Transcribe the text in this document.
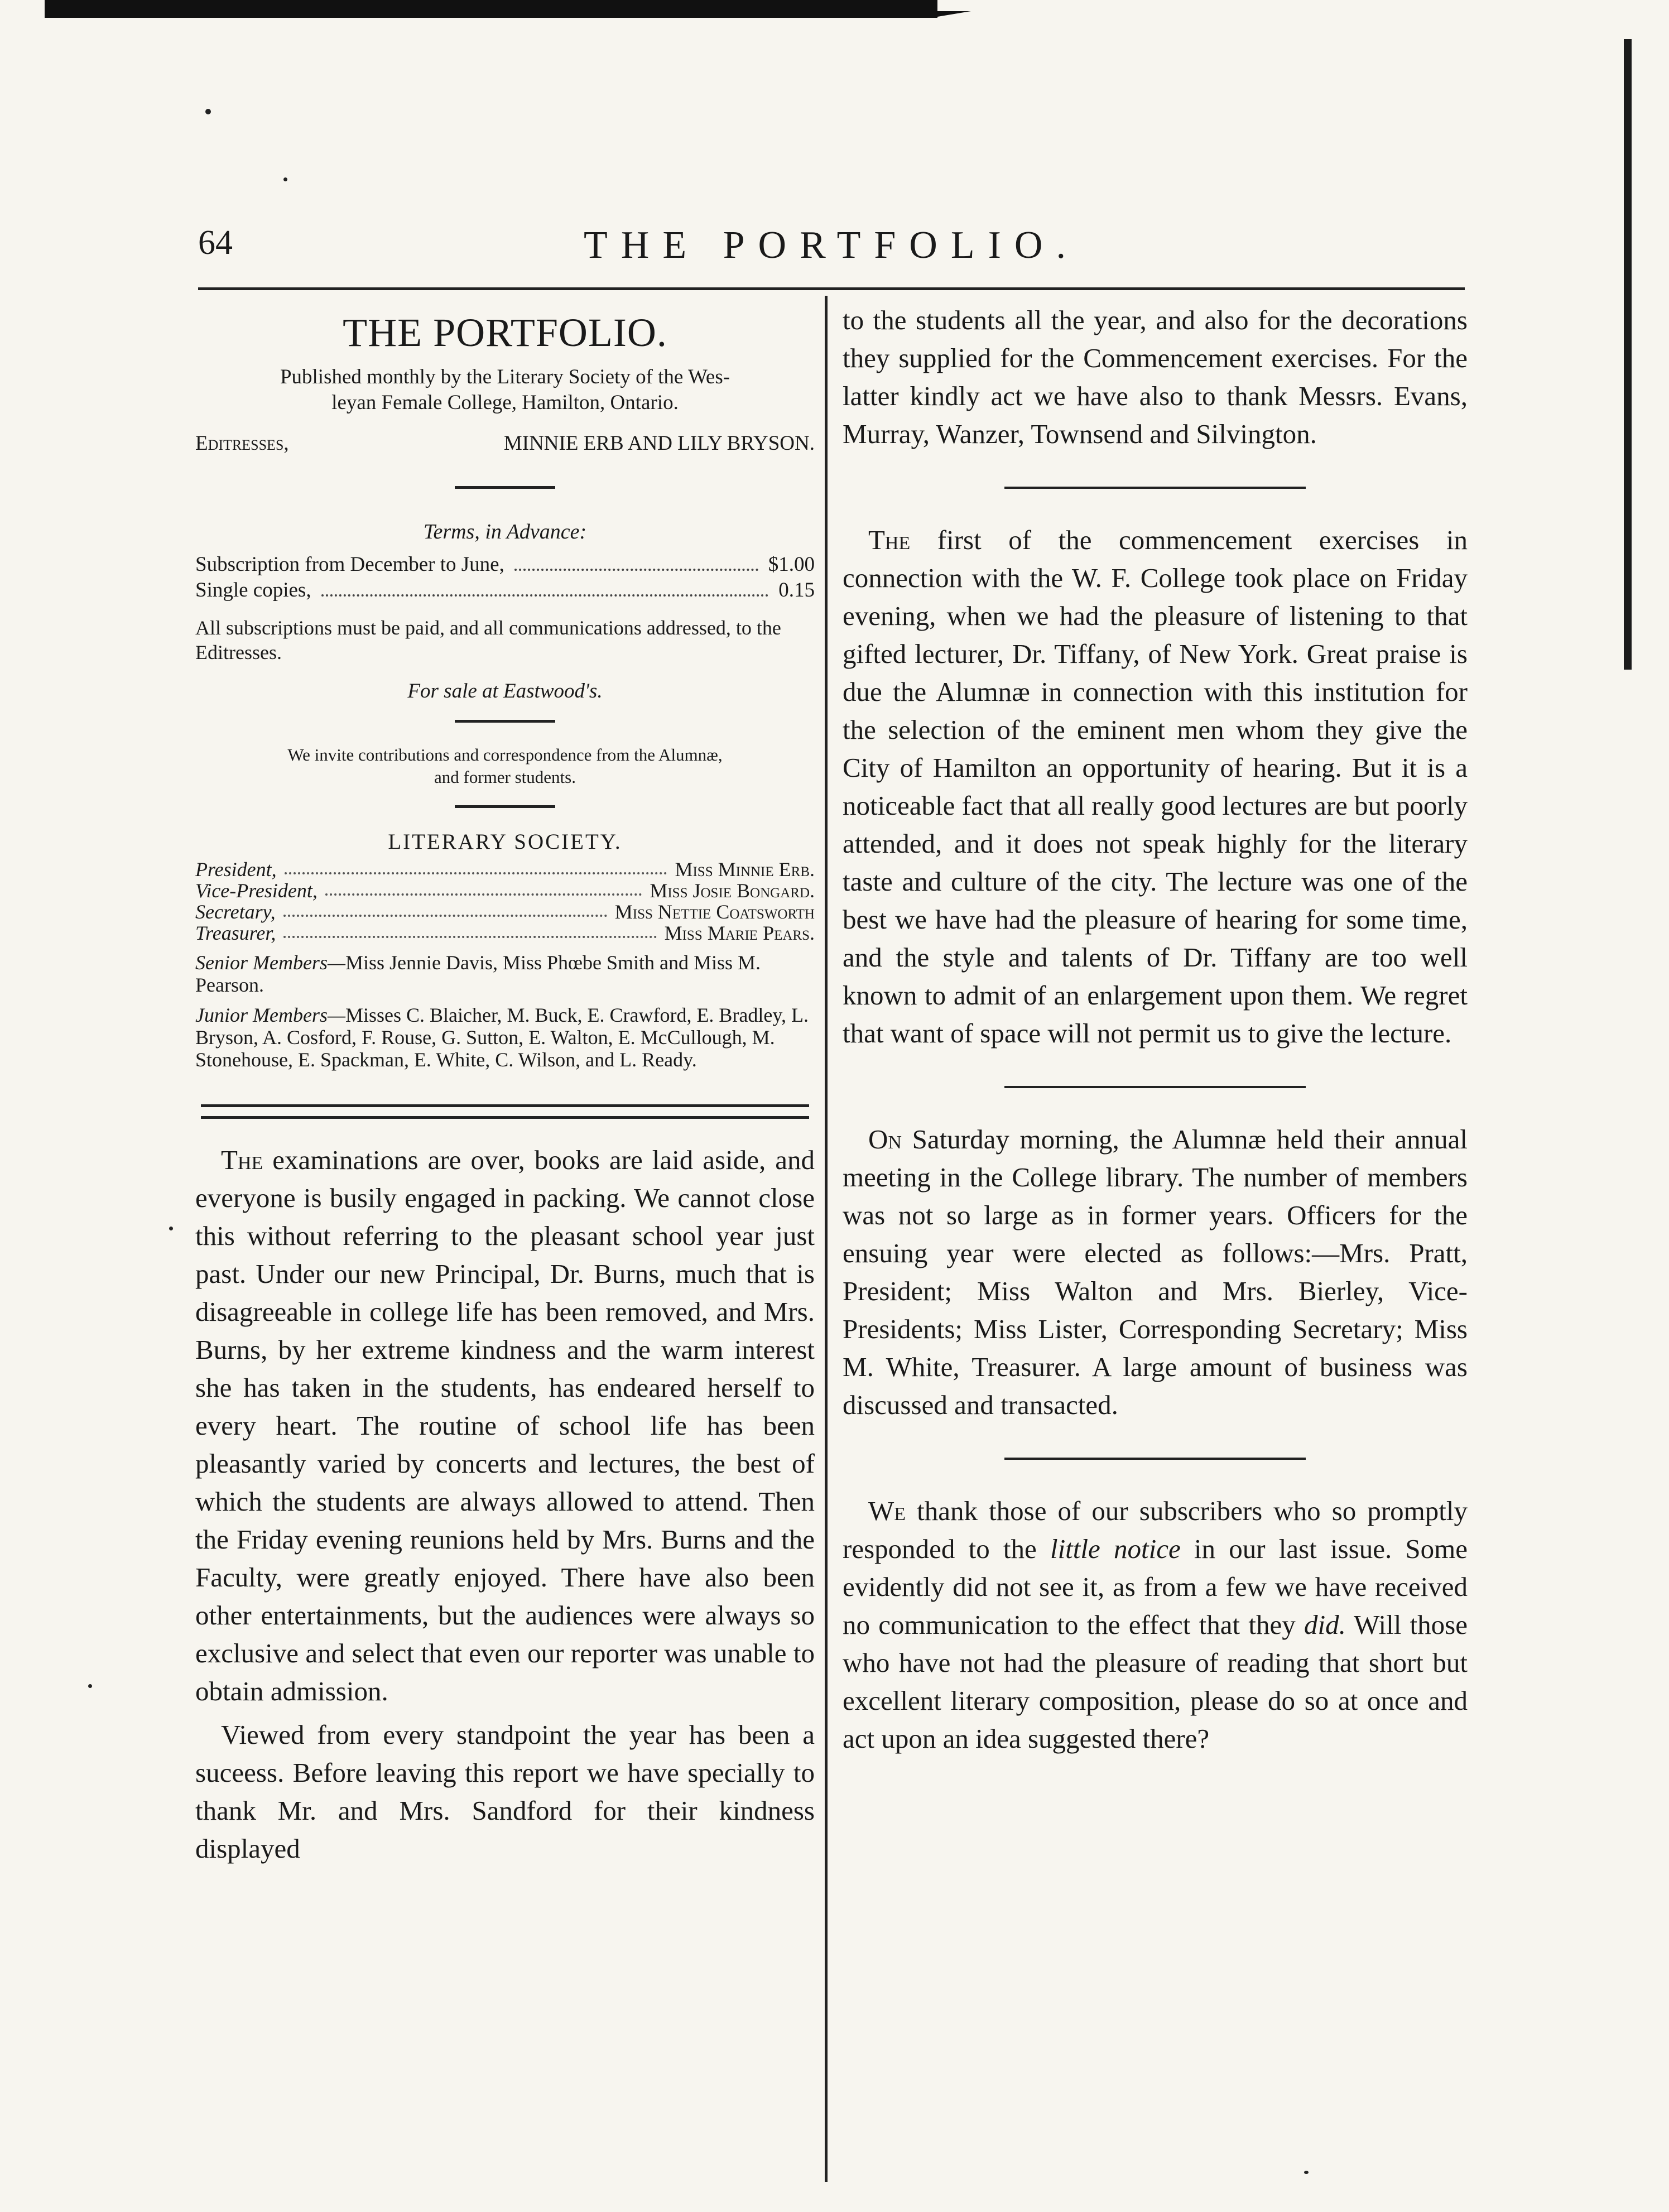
64	THE PORTFOLIO.
THE PORTFOLIO.
Published monthly by the Literary Society of the Wes-
leyan Female College, Hamilton, Ontario.
Editresses,	MINNIE ERB AND LILY BRYSON.
Terms, in Advance:
Subscription from December to June,	$1.00
Single copies,	0.15
All subscriptions must be paid, and all communications addressed, to the Editresses.
For sale at Eastwood's.
We invite contributions and correspondence from the Alumnæ,
and former students.
LITERARY SOCIETY.
President,	Miss Minnie Erb.
Vice-President,	Miss Josie Bongard.
Secretary,	Miss Nettie Coatsworth
Treasurer,	Miss Marie Pears.
Senior Members—Miss Jennie Davis, Miss Phœbe Smith and Miss M. Pearson.
Junior Members—Misses C. Blaicher, M. Buck, E. Crawford, E. Bradley, L. Bryson, A. Cosford, F. Rouse, G. Sutton, E. Walton, E. McCullough, M. Stonehouse, E. Spackman, E. White, C. Wilson, and L. Ready.

The examinations are over, books are laid aside, and everyone is busily engaged in packing. We cannot close this without referring to the pleasant school year just past. Under our new Principal, Dr. Burns, much that is disagreeable in college life has been removed, and Mrs. Burns, by her extreme kindness and the warm interest she has taken in the students, has endeared herself to every heart. The routine of school life has been pleasantly varied by concerts and lectures, the best of which the students are always allowed to attend. Then the Friday evening reunions held by Mrs. Burns and the Faculty, were greatly enjoyed. There have also been other entertainments, but the audiences were always so exclusive and select that even our reporter was unable to obtain admission.

Viewed from every standpoint the year has been a suceess. Before leaving this report we have specially to thank Mr. and Mrs. Sandford for their kindness displayed

to the students all the year, and also for the decorations they supplied for the Commencement exercises. For the latter kindly act we have also to thank Messrs. Evans, Murray, Wanzer, Townsend and Silvington.

The first of the commencement exercises in connection with the W. F. College took place on Friday evening, when we had the pleasure of listening to that gifted lecturer, Dr. Tiffany, of New York. Great praise is due the Alumnæ in connection with this institution for the selection of the eminent men whom they give the City of Hamilton an opportunity of hearing. But it is a noticeable fact that all really good lectures are but poorly attended, and it does not speak highly for the literary taste and culture of the city. The lecture was one of the best we have had the pleasure of hearing for some time, and the style and talents of Dr. Tiffany are too well known to admit of an enlargement upon them. We regret that want of space will not permit us to give the lecture.

On Saturday morning, the Alumnæ held their annual meeting in the College library. The number of members was not so large as in former years. Officers for the ensuing year were elected as follows:—Mrs. Pratt, President; Miss Walton and Mrs. Bierley, Vice-Presidents; Miss Lister, Corresponding Secretary; Miss M. White, Treasurer. A large amount of business was discussed and transacted.

We thank those of our subscribers who so promptly responded to the little notice in our last issue. Some evidently did not see it, as from a few we have received no communication to the effect that they did. Will those who have not had the pleasure of reading that short but excellent literary composition, please do so at once and act upon an idea suggested there?
